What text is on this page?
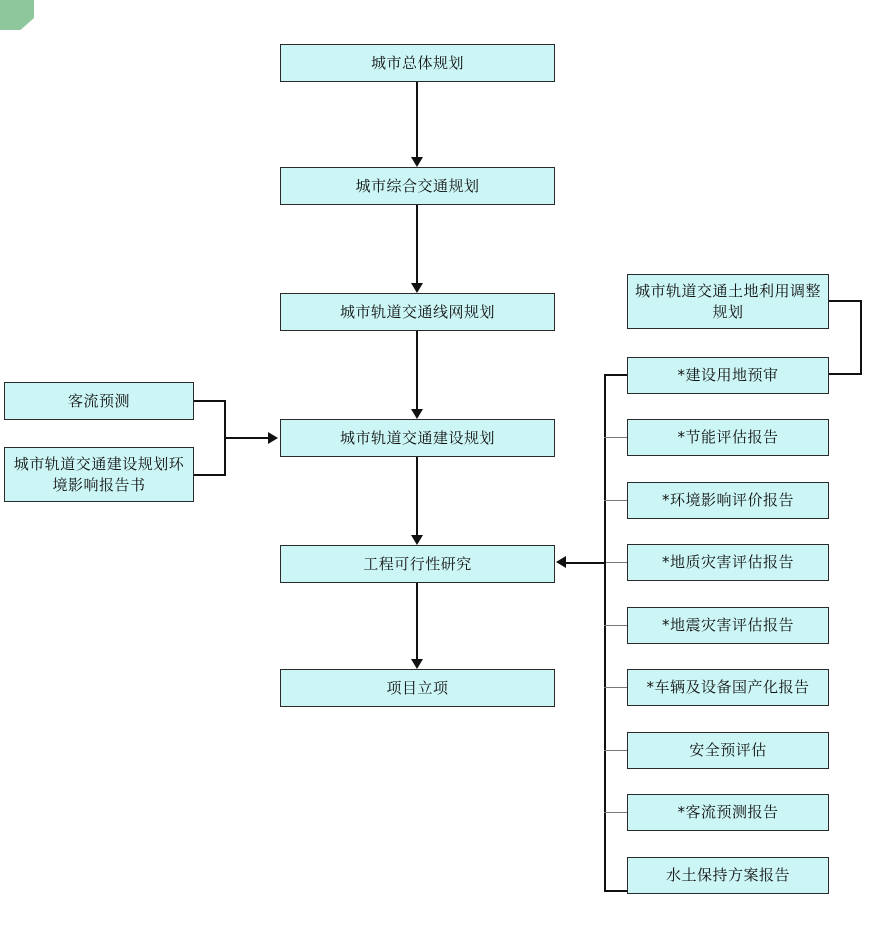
城市总体规划
城市综合交通规划
城市轨道交通线网规划
城市轨道交通建设规划
工程可行性研究
项目立项
客流预测
城市轨道交通建设规划环境影响报告书
城市轨道交通土地利用调整规划
*建设用地预审
*节能评估报告
*环境影响评价报告
*地质灾害评估报告
*地震灾害评估报告
*车辆及设备国产化报告
安全预评估
*客流预测报告
水土保持方案报告
